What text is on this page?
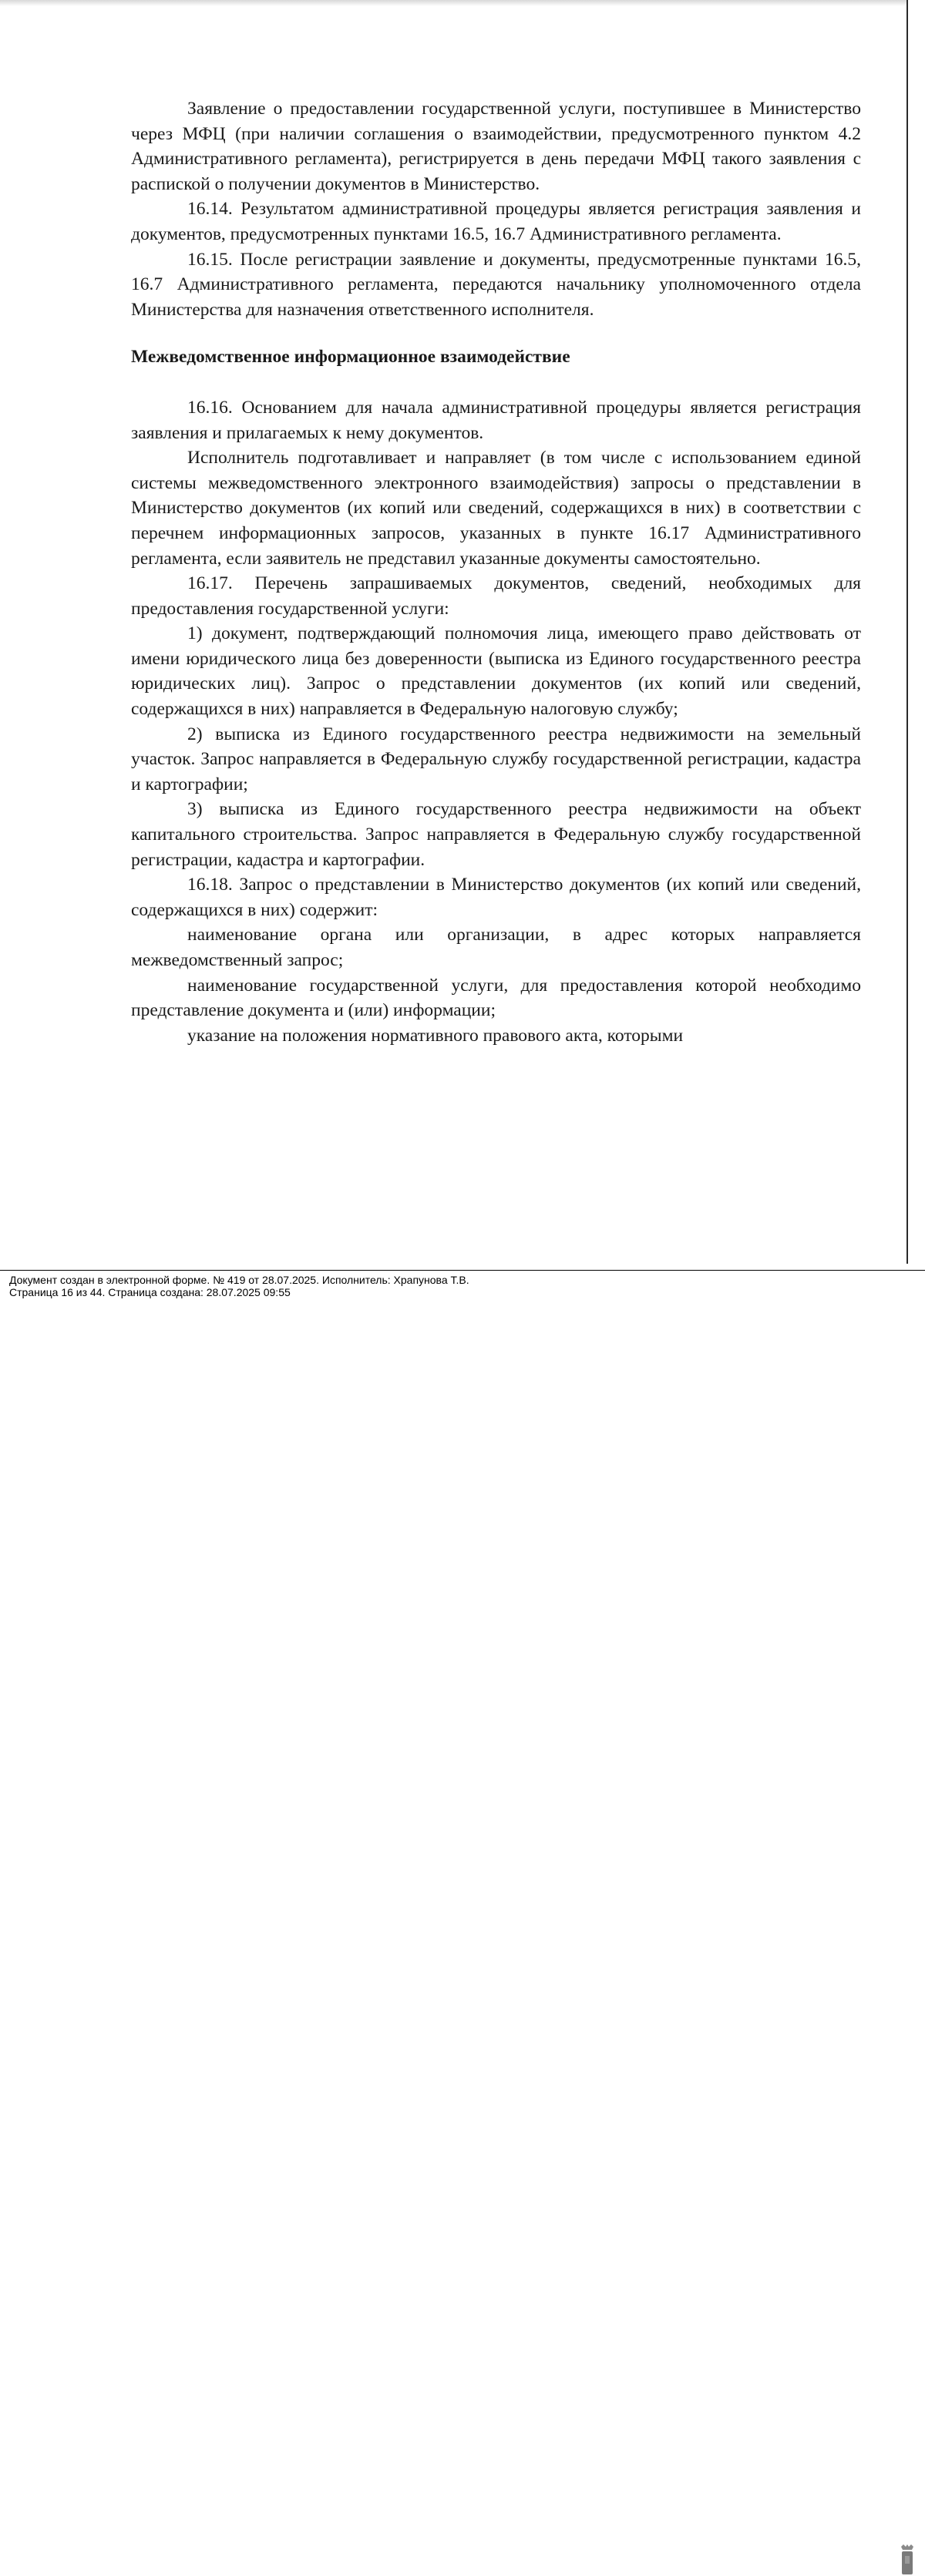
Заявление о предоставлении государственной услуги, поступившее в Министерство через МФЦ (при наличии соглашения о взаимодействии, предусмотренного пунктом 4.2 Административного регламента), регистрируется в день передачи МФЦ такого заявления с распиской о получении документов в Министерство.

16.14. Результатом административной процедуры является регистрация заявления и документов, предусмотренных пунктами 16.5, 16.7 Административного регламента.

16.15. После регистрации заявление и документы, предусмотренные пунктами 16.5, 16.7 Административного регламента, передаются начальнику уполномоченного отдела Министерства для назначения ответственного исполнителя.

Межведомственное информационное взаимодействие

16.16. Основанием для начала административной процедуры является регистрация заявления и прилагаемых к нему документов.

Исполнитель подготавливает и направляет (в том числе с использованием единой системы межведомственного электронного взаимодействия) запросы о представлении в Министерство документов (их копий или сведений, содержащихся в них) в соответствии с перечнем информационных запросов, указанных в пункте 16.17 Административного регламента, если заявитель не представил указанные документы самостоятельно.

16.17. Перечень запрашиваемых документов, сведений, необходимых для предоставления государственной услуги:

1) документ, подтверждающий полномочия лица, имеющего право действовать от имени юридического лица без доверенности (выписка из Единого государственного реестра юридических лиц). Запрос о представлении документов (их копий или сведений, содержащихся в них) направляется в Федеральную налоговую службу;

2) выписка из Единого государственного реестра недвижимости на земельный участок. Запрос направляется в Федеральную службу государственной регистрации, кадастра и картографии;

3) выписка из Единого государственного реестра недвижимости на объект капитального строительства. Запрос направляется в Федеральную службу государственной регистрации, кадастра и картографии.

16.18. Запрос о представлении в Министерство документов (их копий или сведений, содержащихся в них) содержит:

наименование органа или организации, в адрес которых направляется межведомственный запрос;

наименование государственной услуги, для предоставления которой необходимо представление документа и (или) информации;

указание на положения нормативного правового акта, которыми

Документ создан в электронной форме. № 419 от 28.07.2025. Исполнитель: Храпунова Т.В.
Страница 16 из 44. Страница создана: 28.07.2025 09:55
